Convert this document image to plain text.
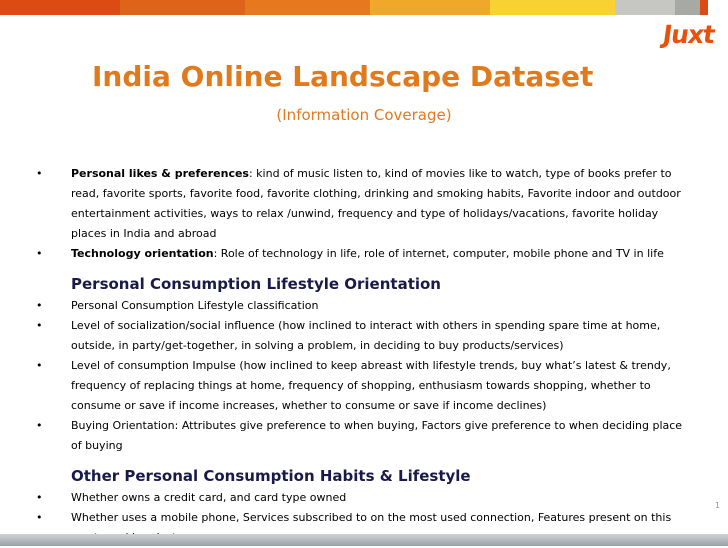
Juxt
India Online Landscape Dataset
(Information Coverage)
•	Personal likes & preferences: kind of music listen to, kind of movies like to watch, type of books prefer to read, favorite sports, favorite food, favorite clothing, drinking and smoking habits, Favorite indoor and outdoor entertainment activities, ways to relax /unwind, frequency and type of holidays/vacations, favorite holiday places in India and abroad
•	Technology orientation: Role of technology in life, role of internet, computer, mobile phone and TV in life
Personal Consumption Lifestyle Orientation
•	Personal Consumption Lifestyle classification
•	Level of socialization/social influence (how inclined to interact with others in spending spare time at home, outside, in party/get-together, in solving a problem, in deciding to buy products/services)
•	Level of consumption Impulse (how inclined to keep abreast with lifestyle trends, buy what’s latest & trendy, frequency of replacing things at home, frequency of shopping, enthusiasm towards shopping, whether to consume or save if income increases, whether to consume or save if income declines)
•	Buying Orientation: Attributes give preference to when buying, Factors give preference to when deciding place of buying
Other Personal Consumption Habits & Lifestyle
•	Whether owns a credit card, and card type owned
•	Whether uses a mobile phone, Services subscribed to on the most used connection, Features present on this
1
